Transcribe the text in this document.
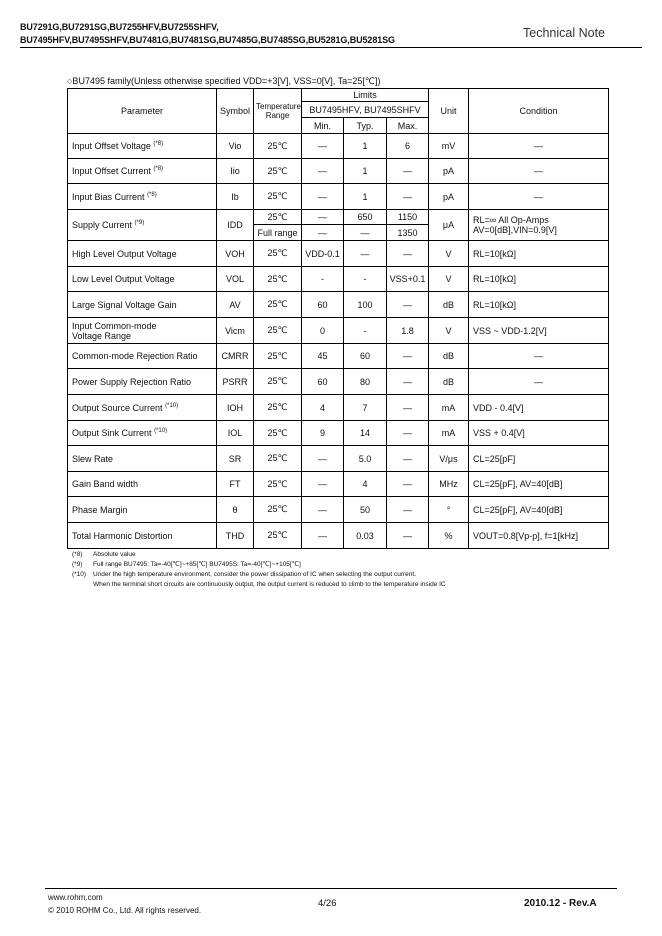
BU7291G,BU7291SG,BU7255HFV,BU7255SHFV,
BU7495HFV,BU7495SHFV,BU7481G,BU7481SG,BU7485G,BU7485SG,BU5281G,BU5281SG	Technical Note
○BU7495 family(Unless otherwise specified VDD=+3[V], VSS=0[V], Ta=25[℃])
Parameter	Symbol	Temperature
Range	Limits			Unit	Condition
			BU7495HFV, BU7495SHFV				
			Min.	Typ.	Max.		
Input Offset Voltage $^{(*8)}$	Vio	25℃	—	1	6	mV	—
Input Offset Current $^{(*8)}$	Iio	25℃	—	1	—	pA	—
Input Bias Current $^{(*8)}$	Ib	25℃	—	1	—	pA	—
Supply Current $^{(*9)}$	IDD	25℃	—	650	1150	μA	RL=∞ All Op-Amps
AV=0[dB],VIN=0.9[V]
		Full range	—	—	1350		
High Level Output Voltage	VOH	25℃	VDD-0.1	—	—	V	RL=10[kΩ]
Low Level Output Voltage	VOL	25℃	-	-	VSS+0.1	V	RL=10[kΩ]
Large Signal Voltage Gain	AV	25℃	60	100	—	dB	RL=10[kΩ]
Input Common-mode
Voltage Range	Vicm	25℃	0	-	1.8	V	VSS ~ VDD-1.2[V]
Common-mode Rejection Ratio	CMRR	25℃	45	60	—	dB	—
Power Supply Rejection Ratio	PSRR	25℃	60	80	—	dB	—
Output Source Current $^{(*10)}$	IOH	25℃	4	7	—	mA	VDD - 0.4[V]
Output Sink Current $^{(*10)}$	IOL	25℃	9	14	—	mA	VSS + 0.4[V]
Slew Rate	SR	25℃	—	5.0	—	V/μs	CL=25[pF]
Gain Band width	FT	25℃	—	4	—	MHz	CL=25[pF], AV=40[dB]
Phase Margin	θ	25℃	—	50	—	°	CL=25[pF], AV=40[dB]
Total Harmonic Distortion	THD	25℃	—	0.03	—	%	VOUT=0.8[Vp-p], f=1[kHz]
(*8)	Absolute value
(*9)	Full range BU7495: Ta=-40[℃]~+85[℃] BU7495S: Ta=-40[℃]~+105[℃]
(*10)	Under the high temperature environment, consider the power dissipation of IC when selecting the output current.
When the terminal short circuits are continuously output, the output current is reduced to climb to the temperature inside IC
www.rohm.com
© 2010 ROHM Co., Ltd. All rights reserved.
4/26	2010.12 - Rev.A
